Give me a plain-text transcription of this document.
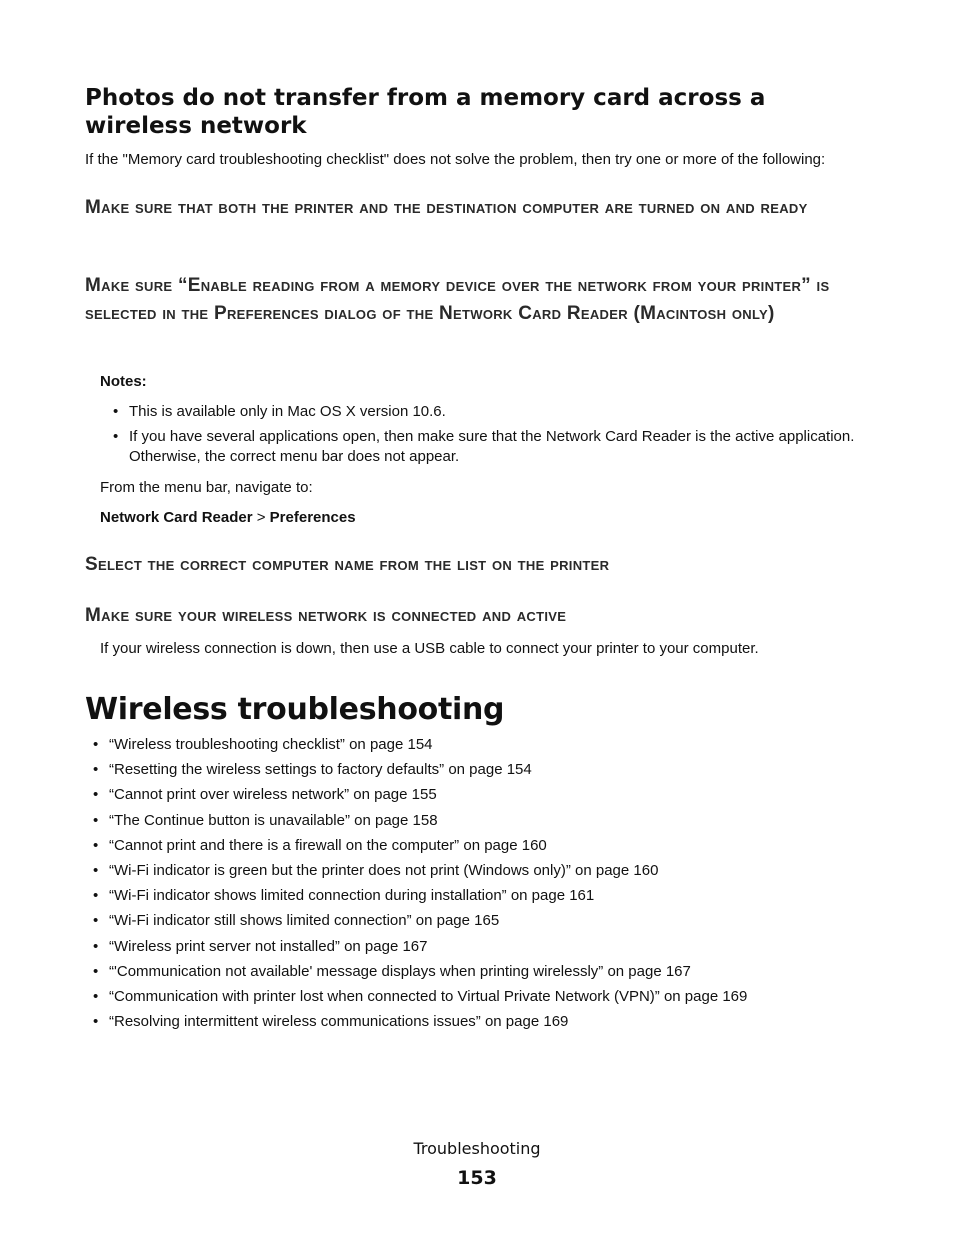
Photos do not transfer from a memory card across a wireless network

If the "Memory card troubleshooting checklist" does not solve the problem, then try one or more of the following:

Make sure that both the printer and the destination computer are turned on and ready
Make sure “Enable reading from a memory device over the network from your printer” is selected in the Preferences dialog of the Network Card Reader (Macintosh only)

Notes:

• This is available only in Mac OS X version 10.6.
• If you have several applications open, then make sure that the Network Card Reader is the active application. Otherwise, the correct menu bar does not appear.

From the menu bar, navigate to:

Network Card Reader > Preferences

Select the correct computer name from the list on the printer
Make sure your wireless network is connected and active

If your wireless connection is down, then use a USB cable to connect your printer to your computer.

Wireless troubleshooting
• “Wireless troubleshooting checklist” on page 154
• “Resetting the wireless settings to factory defaults” on page 154
• “Cannot print over wireless network” on page 155
• “The Continue button is unavailable” on page 158
• “Cannot print and there is a firewall on the computer” on page 160
• “Wi-Fi indicator is green but the printer does not print (Windows only)” on page 160
• “Wi-Fi indicator shows limited connection during installation” on page 161
• “Wi-Fi indicator still shows limited connection” on page 165
• “Wireless print server not installed” on page 167
• “'Communication not available' message displays when printing wirelessly” on page 167
• “Communication with printer lost when connected to Virtual Private Network (VPN)” on page 169
• “Resolving intermittent wireless communications issues” on page 169

Troubleshooting

153
